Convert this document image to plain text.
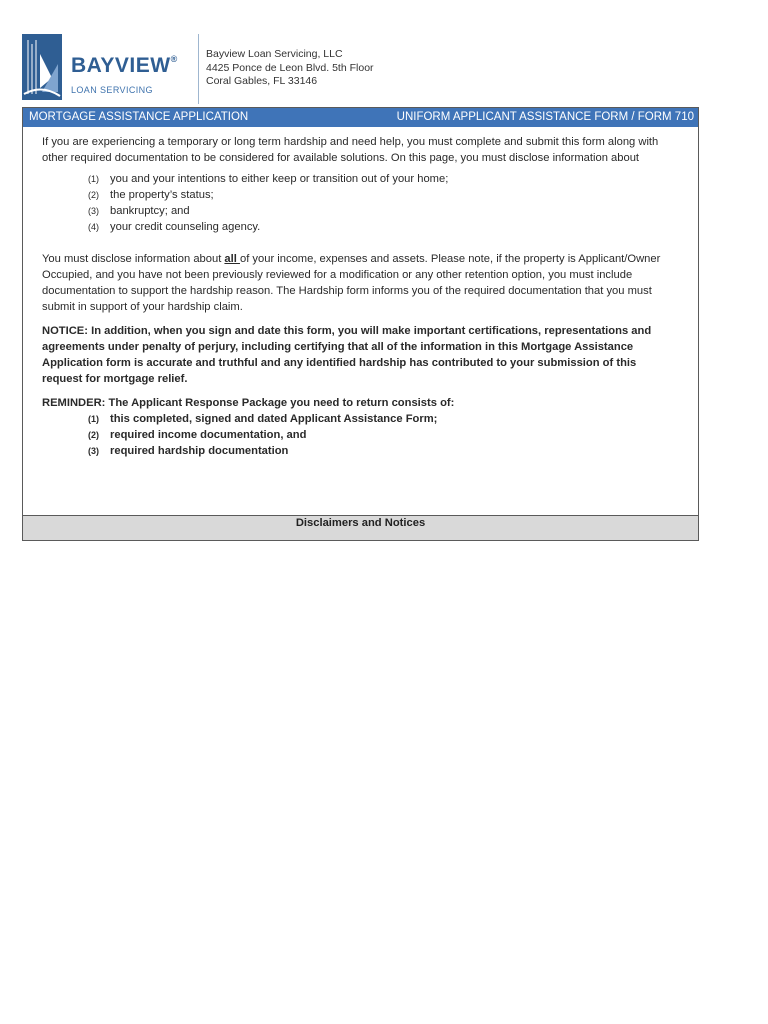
BAYVIEW®
LOAN SERVICING
Bayview Loan Servicing, LLC
4425 Ponce de Leon Blvd. 5th Floor
Coral Gables, FL 33146
MORTGAGE ASSISTANCE APPLICATION	UNIFORM APPLICANT ASSISTANCE FORM / FORM 710

If you are experiencing a temporary or long term hardship and need help, you must complete and submit this form along with other required documentation to be considered for available solutions. On this page, you must disclose information about

(1) you and your intentions to either keep or transition out of your home;
(2) the property’s status;
(3) bankruptcy; and
(4) your credit counseling agency.

You must disclose information about all of your income, expenses and assets. Please note, if the property is Applicant/Owner Occupied, and you have not been previously reviewed for a modification or any other retention option, you must include documentation to support the hardship reason. The Hardship form informs you of the required documentation that you must submit in support of your hardship claim.

NOTICE: In addition, when you sign and date this form, you will make important certifications, representations and agreements under penalty of perjury, including certifying that all of the information in this Mortgage Assistance Application form is accurate and truthful and any identified hardship has contributed to your submission of this request for mortgage relief.

REMINDER: The Applicant Response Package you need to return consists of:

(1) this completed, signed and dated Applicant Assistance Form;
(2) required income documentation, and
(3) required hardship documentation
Disclaimers and Notices
